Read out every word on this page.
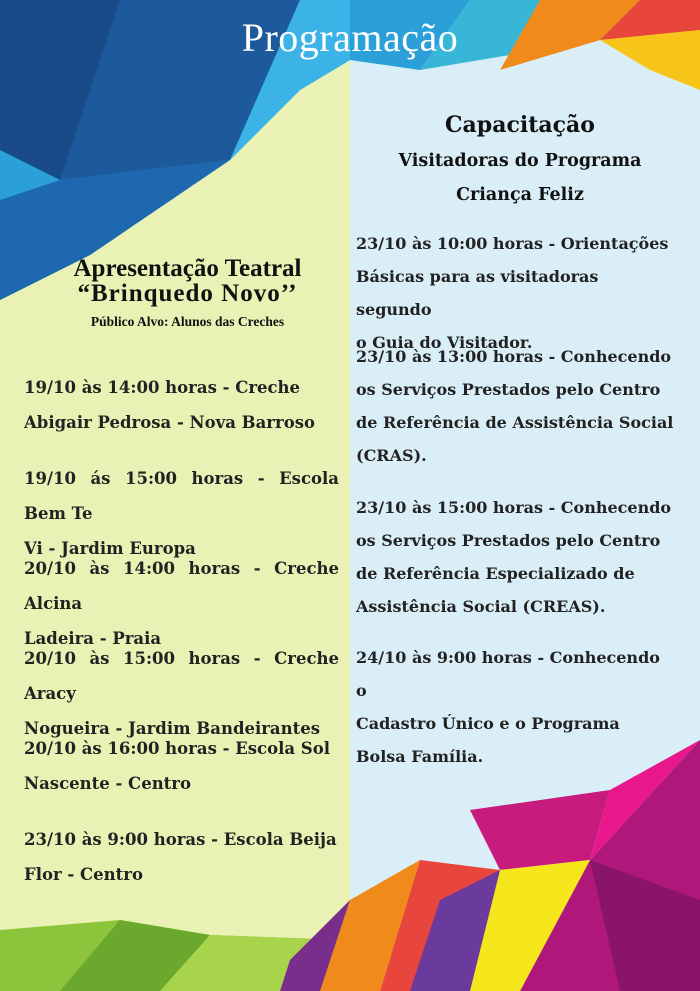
Programação
Apresentação Teatral
“Brinquedo Novo’’
Público Alvo: Alunos das Creches
19/10 às 14:00 horas - Creche
Abigair Pedrosa - Nova Barroso
19/10 ás 15:00 horas - Escola Bem Te
Vi - Jardim Europa
20/10 às 14:00 horas - Creche Alcina
Ladeira - Praia
20/10 às 15:00 horas - Creche Aracy
Nogueira - Jardim Bandeirantes
20/10 às 16:00 horas - Escola Sol
Nascente - Centro
23/10 às 9:00 horas - Escola Beija
Flor - Centro
Capacitação
Visitadoras do Programa
Criança Feliz
23/10 às 10:00 horas - Orientações
Básicas para as visitadoras segundo
o Guia do Visitador.
23/10 às 13:00 horas - Conhecendo
os Serviços Prestados pelo Centro
de Referência de Assistência Social
(CRAS).
23/10 às 15:00 horas - Conhecendo
os Serviços Prestados pelo Centro
de Referência Especializado de
Assistência Social (CREAS).
24/10 às 9:00 horas - Conhecendo o
Cadastro Único e o Programa
Bolsa Família.
